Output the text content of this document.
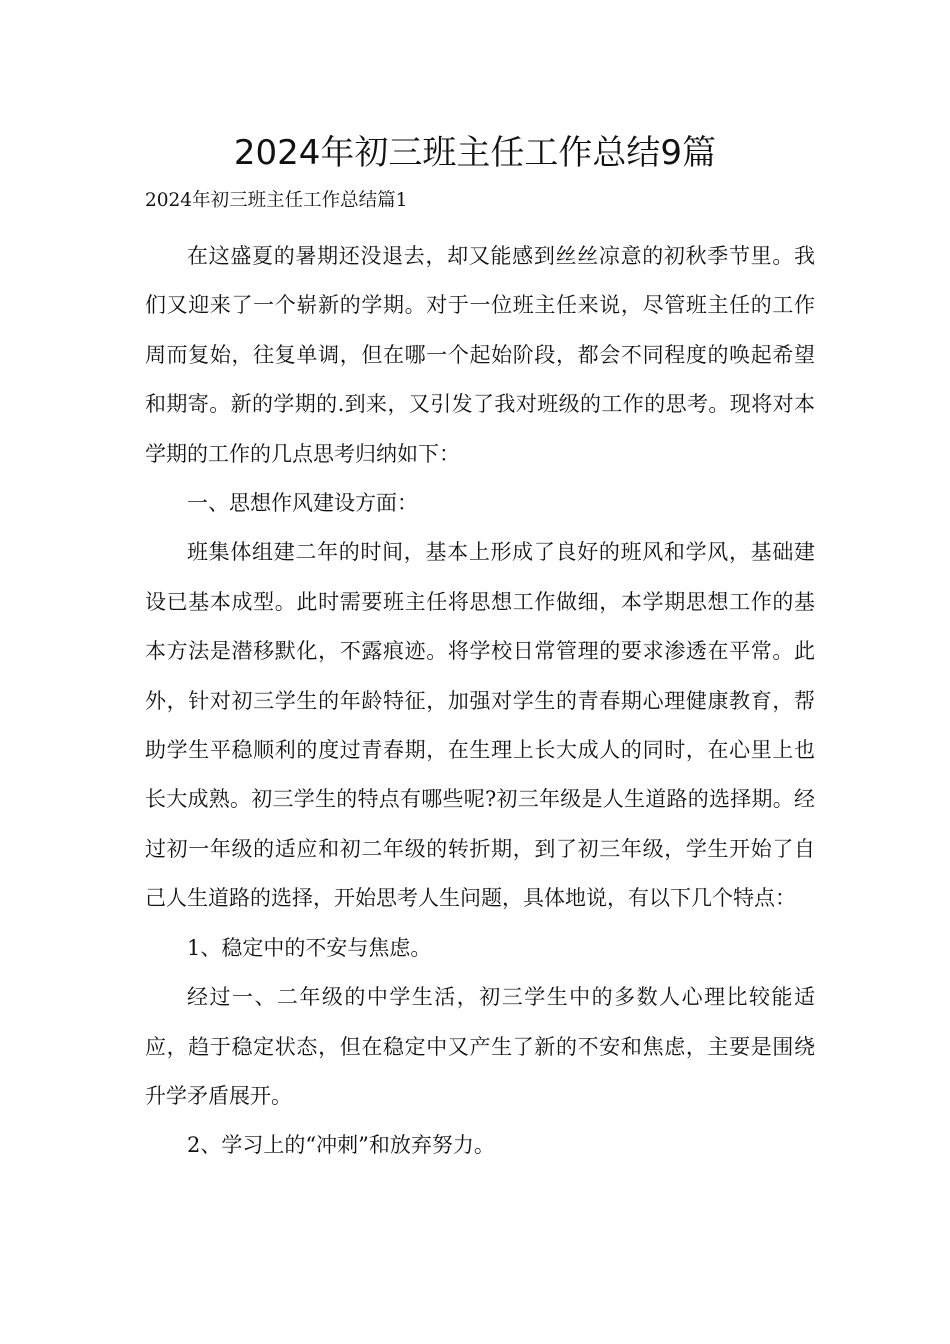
2024年初三班主任工作总结9篇
2024年初三班主任工作总结篇1

在这盛夏的暑期还没退去，却又能感到丝丝凉意的初秋季节里。我们又迎来了一个崭新的学期。对于一位班主任来说，尽管班主任的工作周而复始，往复单调，但在哪一个起始阶段，都会不同程度的唤起希望和期寄。新的学期的.到来，又引发了我对班级的工作的思考。现将对本学期的工作的几点思考归纳如下：

一、思想作风建设方面：

班集体组建二年的时间，基本上形成了良好的班风和学风，基础建设已基本成型。此时需要班主任将思想工作做细，本学期思想工作的基本方法是潜移默化，不露痕迹。将学校日常管理的要求渗透在平常。此外，针对初三学生的年龄特征，加强对学生的青春期心理健康教育，帮助学生平稳顺利的度过青春期，在生理上长大成人的同时，在心里上也长大成熟。初三学生的特点有哪些呢?初三年级是人生道路的选择期。经过初一年级的适应和初二年级的转折期，到了初三年级，学生开始了自己人生道路的选择，开始思考人生问题，具体地说，有以下几个特点：

1、稳定中的不安与焦虑。

经过一、二年级的中学生活，初三学生中的多数人心理比较能适应，趋于稳定状态，但在稳定中又产生了新的不安和焦虑，主要是围绕升学矛盾展开。

2、学习上的“冲刺”和放弃努力。
